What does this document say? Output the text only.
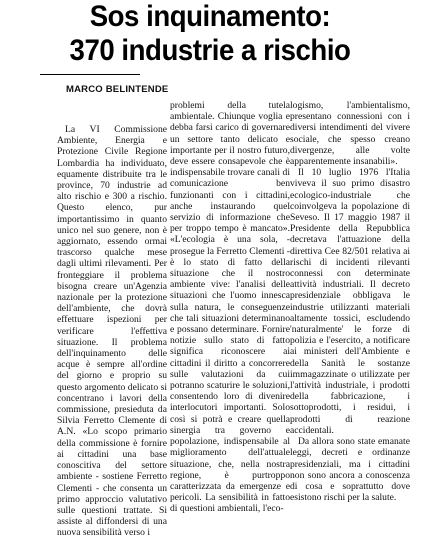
Sos inquinamento:
370 industrie a rischio
MARCO BELINTENDE

La VI Commissione Ambiente, Energia e Protezione Civile Regione Lombardia ha individuato, equamente distribuite tra le province, 70 industrie ad alto rischio e 300 a rischio. Questo elenco, pur importantissimo in quanto unico nel suo genere, non è aggiornato, essendo ormai trascorso qualche mese dagli ultimi rilevamenti. Per fronteggiare il problema bisogna creare un'Agenzia nazionale per la protezione dell'ambiente, che dovrà effettuare ispezioni per verificare l'effettiva situazione. Il problema dell'inquinamento delle acque è sempre all'ordine del giorno e proprio su questo argomento delicato si concentrano i lavori della commissione, presieduta da Silvia Ferretto Clemente di A.N. «Lo scopo primario della commissione è fornire ai cittadini una base conoscitiva del settore ambiente - sostiene Ferretto Clementi - che consenta un primo approccio valutativo sulle questioni trattate. Si assiste al diffondersi di una nuova sensibilità verso i

problemi della tutela ambientale. Chiunque voglia e debba farsi carico di governare un settore tanto delicato e importante per il nostro futuro, deve essere consapevole che è indispensabile trovare canali di comunicazione ben funzionanti con i cittadini, anche instaurando quel servizio di informazione che per troppo tempo è mancato». «L'ecologia è una sola, - prosegue la Ferretto Clementi - è lo stato di fatto della situazione che il nostro ambiente vive: l'analisi delle situazioni che l'uomo innesca sulla natura, le conseguenze che tali situazioni determinano e possano determinare. Fornire notizie sullo stato di fatto significa riconoscere ai cittadini il diritto a concorrere sulle valutazioni da cui potranno scaturire le soluzioni, consentendo loro di divenire interlocutori importanti. Solo così si potrà e creare quella sinergia tra governo e popolazione, indispensabile al miglioramento dell'attuale situazione, che, nella nostra regione, è purtroppo caratterizzata da emergenze e pericoli. La sensibilità in fatto di questioni ambientali, l'eco-

logismo, l'ambientalismo, presentano connessioni con i diversi intendimenti del vivere sociale, che spesso creano divergenze, alle volte apparentemente insanabili».

Il 10 luglio 1976 l'Italia viveva il suo primo disastro ecologico-industriale che coinvolgeva la popolazione di Seveso. Il 17 maggio 1987 il Presidente della Repubblica decretava l'attuazione della direttiva Cee 82/501 relativa ai rischi di incidenti rilevanti connessi con determinate attività industriali. Il decreto presidenziale obbligava le industrie utilizzanti materiali altamente tossici, escludendo 'naturalmente' le forze di polizia e l'esercito, a notificare ai ministeri dell'Ambiente e della Sanità le sostanze immagazzinate o utilizzate per l'attività industriale, i prodotti della fabbricazione, i sottoprodotti, i residui, i prodotti di reazione accidentali.

Da allora sono state emanate leggi, decreti e ordinanze presidenziali, ma i cittadini non sono ancora a conoscenza di cosa e soprattutto dove esistono rischi per la salute.
